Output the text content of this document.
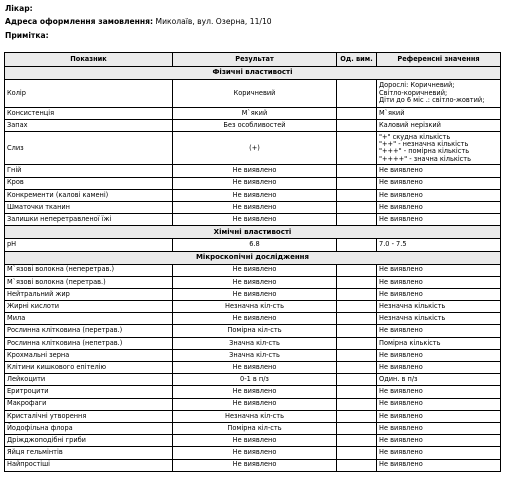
Лікар:
Адреса оформлення замовлення: Миколаїв, вул. Озерна, 11/10
Примітка:
Показник	Результат	Од. вим.	Референсні значення
Фізичні властивості			
Колір	Коричневий		Дорослі: Коричневий;
Світло-коричневий;
Діти до 6 міс .: світло-жовтий;

Консистенція	М`який		М`який

Запах	Без особливостей		Каловий нерізкий

Слиз	(+)		"+" скудна кількість
"++" - незначна кількість
"+++" - помірна кількість
"++++" - значна кількість

Гній	Не виявлено		Не виявлено

Кров	Не виявлено		Не виявлено

Конкременти (калові камені)	Не виявлено		Не виявлено

Шматочки тканин	Не виявлено		Не виявлено

Залишки неперетравленої їжі	Не виявлено		Не виявлено

Хімічні властивості			
pH	6.8		7.0 - 7.5

Мікроскопічні дослідження			
М`язові волокна (неперетрав.)	Не виявлено		Не виявлено

М`язові волокна (перетрав.)	Не виявлено		Не виявлено

Нейтральний жир	Не виявлено		Не виявлено

Жирні кислоти	Незначна кіл-сть		Незначна кількість

Мила	Не виявлено		Незначна кількість

Рослинна клітковина (перетрав.)	Помірна кіл-сть		Не виявлено

Рослинна клітковина (непетрав.)	Значна кіл-сть		Помірна кількість

Крохмальні зерна	Значна кіл-сть		Не виявлено

Клітини кишкового епітелію	Не виявлено		Не виявлено

Лейкоцити	0-1 в п/з		Один. в п/з

Еритроцити	Не виявлено		Не виявлено

Макрофаги	Не виявлено		Не виявлено

Кристалічні утворення	Незначна кіл-сть		Не виявлено

Йодофільна флора	Помірна кіл-сть		Не виявлено

Дріжджоподібні гриби	Не виявлено		Не виявлено

Яйця гельмінтів	Не виявлено		Не виявлено

Найпростіші	Не виявлено		Не виявлено
